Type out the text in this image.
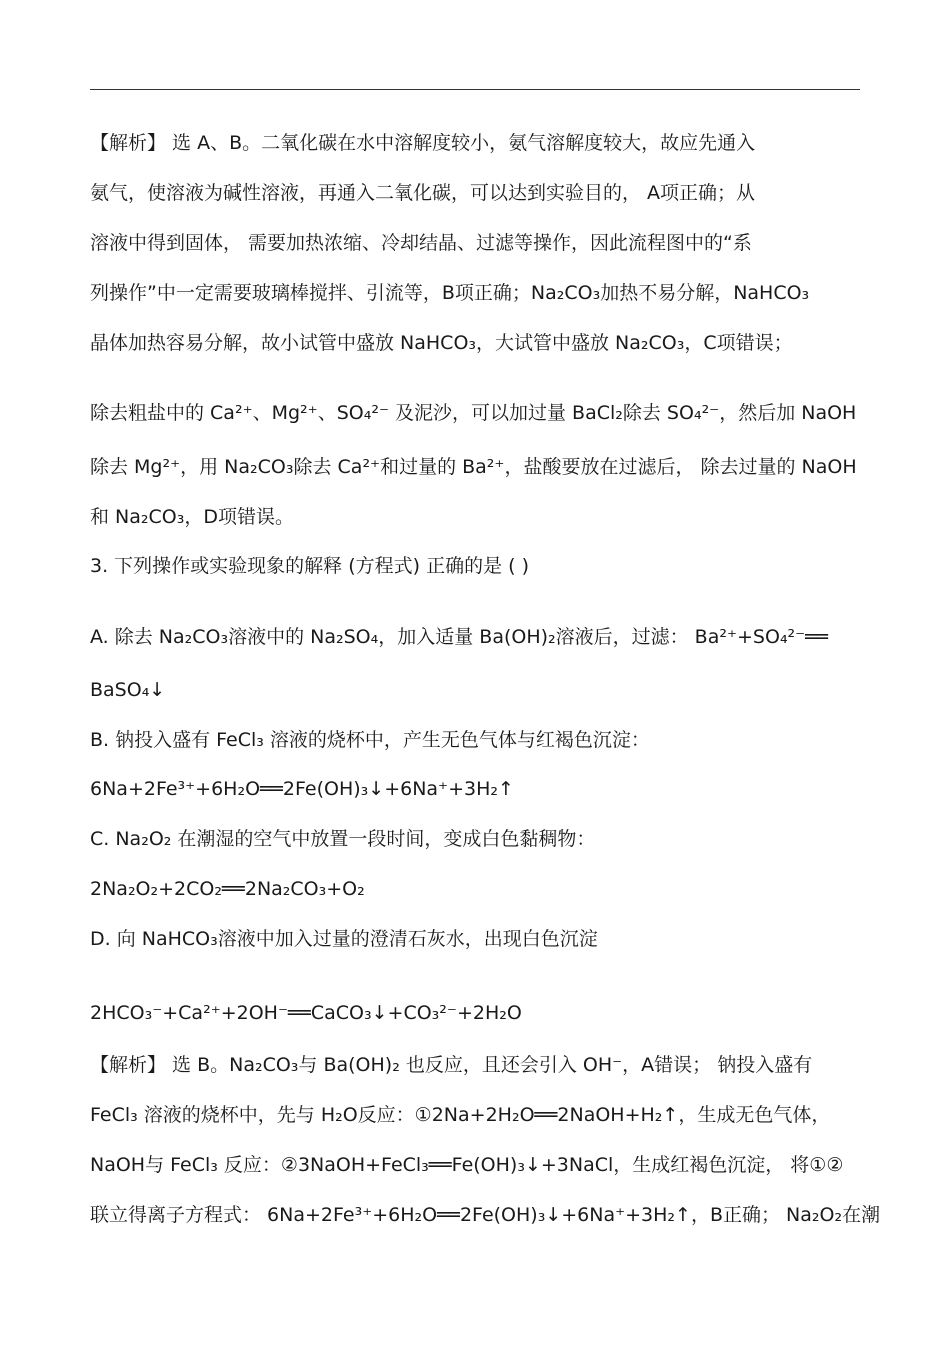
【解析】 选 A、B。二氧化碳在水中溶解度较小，氨气溶解度较大，故应先通入
氨气，使溶液为碱性溶液，再通入二氧化碳，可以达到实验目的， A项正确；从
溶液中得到固体， 需要加热浓缩、冷却结晶、过滤等操作，因此流程图中的“系
列操作”中一定需要玻璃棒搅拌、引流等，B项正确；Na₂CO₃加热不易分解，NaHCO₃
晶体加热容易分解，故小试管中盛放 NaHCO₃，大试管中盛放 Na₂CO₃，C项错误；
除去粗盐中的 Ca²⁺、Mg²⁺、SO₄²⁻ 及泥沙，可以加过量 BaCl₂除去 SO₄²⁻，然后加 NaOH
除去 Mg²⁺，用 Na₂CO₃除去 Ca²⁺和过量的 Ba²⁺，盐酸要放在过滤后， 除去过量的 NaOH
和 Na₂CO₃，D项错误。
3. 下列操作或实验现象的解释 (方程式) 正确的是 ( )
A. 除去 Na₂CO₃溶液中的 Na₂SO₄，加入适量 Ba(OH)₂溶液后，过滤： Ba²⁺+SO₄²⁻══
BaSO₄↓
B. 钠投入盛有 FeCl₃ 溶液的烧杯中，产生无色气体与红褐色沉淀：
6Na+2Fe³⁺+6H₂O══2Fe(OH)₃↓+6Na⁺+3H₂↑
C. Na₂O₂ 在潮湿的空气中放置一段时间，变成白色黏稠物：
2Na₂O₂+2CO₂══2Na₂CO₃+O₂
D. 向 NaHCO₃溶液中加入过量的澄清石灰水，出现白色沉淀
2HCO₃⁻+Ca²⁺+2OH⁻══CaCO₃↓+CO₃²⁻+2H₂O
【解析】 选 B。Na₂CO₃与 Ba(OH)₂ 也反应，且还会引入 OH⁻，A错误； 钠投入盛有
FeCl₃ 溶液的烧杯中，先与 H₂O反应：①2Na+2H₂O══2NaOH+H₂↑，生成无色气体，
NaOH与 FeCl₃ 反应：②3NaOH+FeCl₃══Fe(OH)₃↓+3NaCl，生成红褐色沉淀， 将①②
联立得离子方程式： 6Na+2Fe³⁺+6H₂O══2Fe(OH)₃↓+6Na⁺+3H₂↑，B正确； Na₂O₂在潮
